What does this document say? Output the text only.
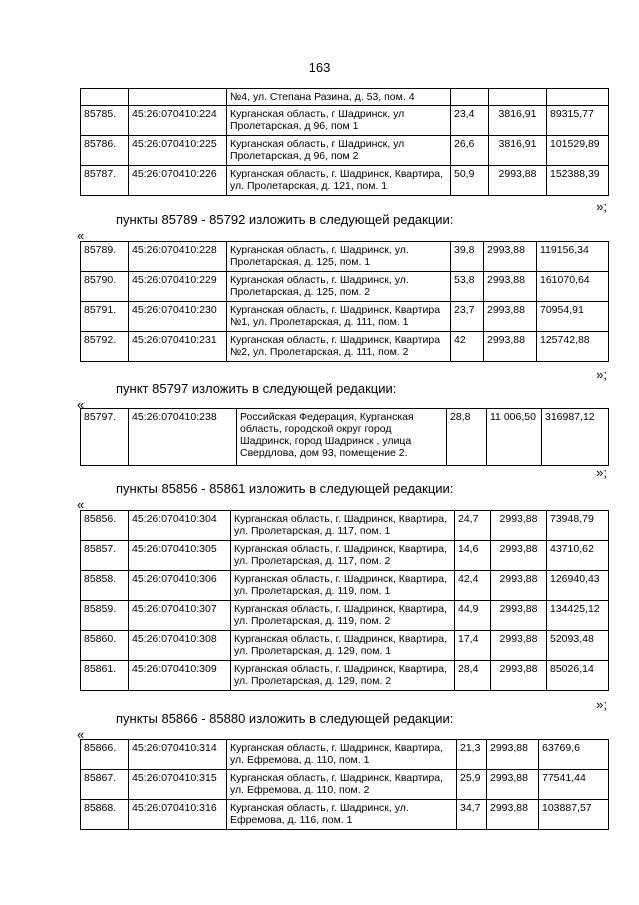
163
		№4, ул. Степана Разина, д. 53, пом. 4			
85785.	45:26:070410:224	Курганская область, г Шадринск, ул Пролетарская, д 96, пом 1	23,4	3816,91	89315,77
85786.	45:26:070410:225	Курганская область, г Шадринск, ул Пролетарская, д 96, пом 2	26,6	3816,91	101529,89
85787.	45:26:070410:226	Курганская область, г. Шадринск, Квартира, ул. Пролетарская, д. 121, пом. 1	50,9	2993,88	152388,39
»;
пункты 85789 - 85792 изложить в следующей редакции:
«
85789.	45:26:070410:228	Курганская область, г. Шадринск, ул. Пролетарская, д. 125, пом. 1	39,8	2993,88	119156,34
85790.	45:26:070410:229	Курганская область, г. Шадринск, ул. Пролетарская, д. 125, пом. 2	53,8	2993,88	161070,64
85791.	45:26:070410:230	Курганская область, г. Шадринск, Квартира №1, ул. Пролетарская, д. 111, пом. 1	23,7	2993,88	70954,91
85792.	45:26:070410:231	Курганская область, г. Шадринск, Квартира №2, ул. Пролетарская, д. 111, пом. 2	42	2993,88	125742,88
»;
пункт 85797 изложить в следующей редакции:
«
85797.	45:26:070410:238	Российская Федерация, Курганская область, городской округ город Шадринск, город Шадринск , улица Свердлова, дом 93, помещение 2.	28,8	11 006,50	316987,12
»;
пункты 85856 - 85861 изложить в следующей редакции:
«
85856.	45:26:070410:304	Курганская область, г. Шадринск, Квартира, ул. Пролетарская, д. 117, пом. 1	24,7	2993,88	73948,79
85857.	45:26:070410:305	Курганская область, г. Шадринск, Квартира, ул. Пролетарская, д. 117, пом. 2	14,6	2993,88	43710,62
85858.	45:26:070410:306	Курганская область, г. Шадринск, Квартира, ул. Пролетарская, д. 119, пом. 1	42,4	2993,88	126940,43
85859.	45:26:070410:307	Курганская область, г. Шадринск, Квартира, ул. Пролетарская, д. 119, пом. 2	44,9	2993,88	134425,12
85860.	45:26:070410:308	Курганская область, г. Шадринск, Квартира, ул. Пролетарская, д. 129, пом. 1	17,4	2993,88	52093,48
85861.	45:26:070410:309	Курганская область, г. Шадринск, Квартира, ул. Пролетарская, д. 129, пом. 2	28,4	2993,88	85026,14
»;
пункты 85866 - 85880 изложить в следующей редакции:
«
85866.	45:26:070410:314	Курганская область, г. Шадринск, Квартира, ул. Ефремова, д. 110, пом. 1	21,3	2993,88	63769,6
85867.	45:26:070410:315	Курганская область, г. Шадринск, Квартира, ул. Ефремова, д. 110, пом. 2	25,9	2993,88	77541,44
85868.	45:26:070410:316	Курганская область, г. Шадринск, ул. Ефремова, д. 116, пом. 1	34,7	2993,88	103887,57
